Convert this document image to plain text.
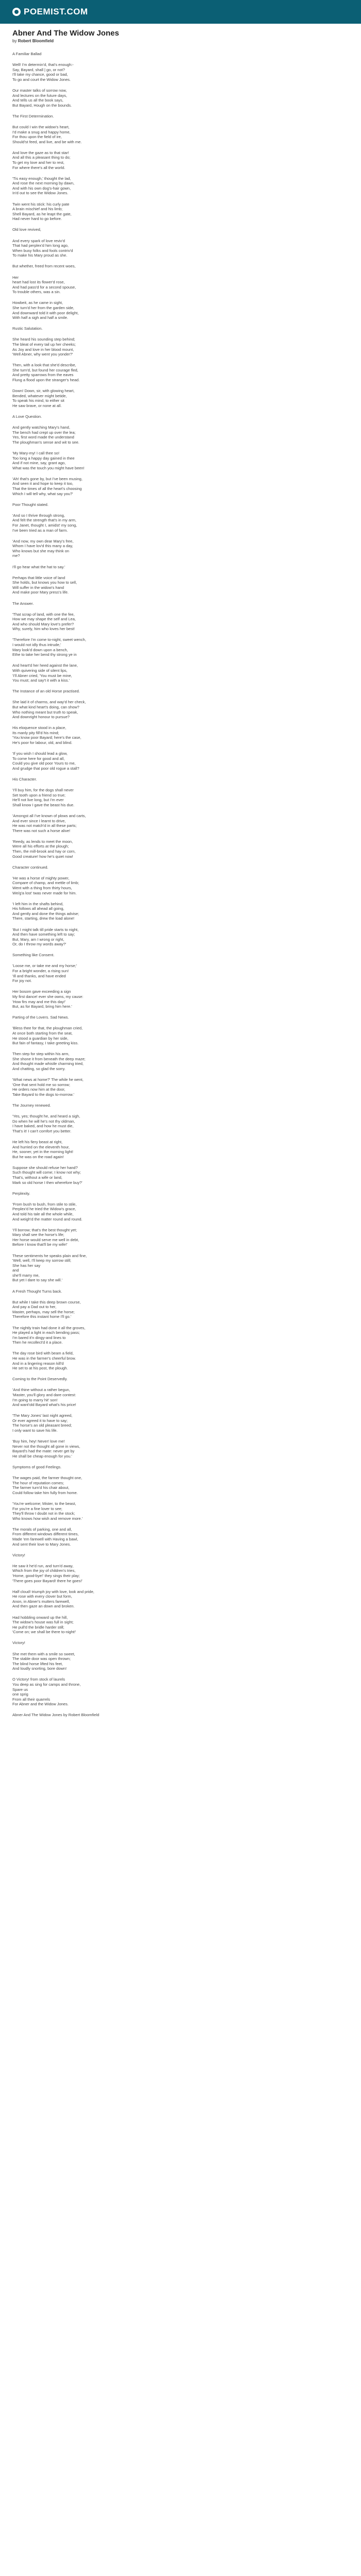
POEMIST.COM
Abner And The Widow Jones
by Robert Bloomfield
A Familiar Ballad
Well! I'm determin'd, that's enough:-
Say, Bayard, shall | go, or not?
I'll take my chance, good or bad,
To go and court the Widow Jones.
Our master talks of sorrow now,
And lectures on the future days,
And tells us all the book says,
But Bayard, Hough on the bounds.
The First Determination.
But could I win the widow's heart,
I'd make a snug and happy home,
For thou upon the field of ire,
Should'st feed, and live, and be with me.
And love the gaze as to that star!
And all this a pleasant thing to do;
To get my love and her to rest,
For where there's all the world.
'Tis easy enough,' thought the lad,
And rose the next morning by dawn,
And with his own dog's-hair gown,
In'd out to see the Widow Jones.
Twin went his stick: his curly pate
A brain mischief and his limb;
Shell Bayard, as he leapt the gate,
Had never hard to go before.
Old love revived,
And every spark of love reviv'd
That had perplex'd him long ago,
When busy folks and fools contriv'd
To make his Mary proud as she.
But whether, freed from recent woes,
Her
heart had lost its flower'd rose,
And had pass'd for a second spouse,
To trouble others, was a sin.
Howbeit, as he came in sight,
She turn'd her from the garden side,
And downward told it with poor delight,
With half a sigh and half a smile.
Rustic Salutation.
She heard his sounding step behind;
The bleat of every tail up her cheeks;
As Joy and love in her blood mount,
'Well Abner, why went you yonder?'
Then, with a look that she'd describe,
She turn'd, but found her courage fled,
And pretty sparrows from the eaves
Flung a flood upon the stranger's head.
Down! Down, sir, with glowing heart,
Bended, whatever might betide,
To speak his mind, to either sit
He saw brave, or none at all.
A Love Question.
And gently watching Mary's hand,
The bench had crept up over the lea;
Yes, first word made the understand
The ploughman's sense and wit to see.
'My Mary-my! I call thee so!
Too long a happy day gained in thee
And if not mine, say, grant ago,
What was the touch you might have been!
'Ah! that's gone by, but I've been musing,
And seen it and hope to keep it too,
That the times of all the heart's choosing
Which I will tell why, what say you?'
Poor Thought stated.
'And so I thrive through strong,
And felt the strength that's in my arm,
For Janet, thought I, amidst' my song,
I've been tried as a man of farm.
'And now, my own dear Mary's free,
Whom I have lov'd this many a day,
Who knows but she may think on
me?
I'll go hear what the hat to say.'
Perhaps that little voice of land
She holds, but knows you how to sell,
Will suffer in the widow's hand
And make poor Mary press's life.
The Answer.
'That scrap of land, with one the fee,
How we may shape the self and Lea,
And who should Mary love's prefer?
Why, surely, him who loves her best!
'Therefore I'm come to-night, sweet wench,
I would not idly thus intrude,'
Mary look'd down upon a bench,
Ethe to take her bend thy strong ye in
And heart'd her heed against the lane,
With quivering side of silent lips,
'I'll Abner cried, 'You must be mine,
You must; and say't it with a kiss.'
The Instance of an old Horse practised.
She laid it of charms, and way'd her check,
But what kind heart's doing, can show?
Who nothing meant but truth to speak,
And downright honour to pursue?
His eloquence stood in a place,
Its manly pity fill'd his mind;
'You know poor Bayard; here's the case,
He's poor for labour, old, and blind.
'If you wish I should lead a glow,
To come here for good and all,
Could you give old poor Yours to me,
And grudge that poor old rogue a stall?
His Character.
'I'll buy him, for the dogs shall never
Set tooth upon a friend so true;
He'll not live long, but I'm ever
Shall know I gave the beast his due.
'Amongst all I've known of plows and carts,
And ever since I learnt to drive,
He was not match'd in all these parts;
There was not such a horse alive!
'Reedy, as lends to meet the moon,
Were all his efforts at the plough;
Then, the mill-brook and hay or corn,
Good creature! how he's quiet now!
Character continued.
'He was a horse of mighty power,
Compare of champ, and mettle of limb;
Went with a thing from thirty hours,
We/g'a lost' twas never made for him.
'I left him in the shafts behind,
His follows all ahead all going,
And gently and done the things advise;
There, starting, drew the load alone!
'But I might talk till pride starts to night,
And then have something left to say;
But, Mary, am I wrong or right,
Or, do I throw my words away?'
Something like Consent.
'Loose me, or take me and my horse;'
For a bright wonder, a rising sun!
'Ill and thanks, and have ended
For joy not.
Her bosom gave exceeding a sign
My first dance! ever she owns, my cause:
'How firs may and me this day!'
But, as for Bayard, bring him here.'
Parting of the Lovers. Sad News.
'Bless thee for that, the ploughman cried,
At once both starting from the seat,
He stood a guardian by her side,
But fain of fantasy, I take greeting kiss.
Then step for step within his arm,
She shone it from beneath the deep maze;
And thought made whistle charming tried,
And chatting, so glad the sorry.
'What news at home?' The while he went,
'One that sent hold me so sorrow;
He orders now him at the door,
Take Bayard to the dogs to-morrow.'
The Journey renewed.
'Yes, yes; thought he, and heard a sigh,
Do when he will he's not thy oldman,
I have baked, and how he must die,
That's it! I can't comfort you better.
He left his fiery beast at right,
And hurried on the eleventh hour,
He, sooner, yet in the morning light!
But he was on the road again!
Suppose she should refuse her hand?
Such thought will come; I know not why;
That's, without a wife or land,
Mark so old horse I then wherefore buy?'
Perplexity.
'From bush to bush, from stile to stile,
Perplex'd he tried the Widow's grace,
And told his tale all the whole while,
And weigh'd the matter round and round.
'I'll borrow; that's the best thought yet;
Mary shall see the horse's life;
Her horse would serve me well in debt,
Before I know that'll be my wife!'
These sentiments he speaks plain and fine,
'Well, well, I'll keep my sorrow still;
She has her say
and
she'll marry me,
But yet I dare to say she will.'
A Fresh Thought Turns back.
But while I take this deep brown course,
And pay a Dad out to her,
Master, perhaps, may sell the horse;
Therefore this instant home I'll go.'
The nightly train had done it all the groves,
He played a light in each bending pass;
I'm bared it'n dingy-and lines to
Then he recollect'd it a place.
The day rose bird with beam a field,
He was in the farmer's cheerful brow.
And in a lingering reason kill'd
He set to at his post, the plough.
Coming to the Point Deservedly.
'And thine without a rather begun,
'Master, you'll glory and dare contest:
I'm going to marry hit' son!
And want'old Bayard what's his price!
'The Mary Jones' last night agreed,
Or ever agreed it to have to say;
The horse's an old pleasant breed;
I only want to save his life.
'Buy him, hey! Never! love me!
Never not the thought all gone in views,
Bayard's had the mate: never get by
He shall be cheap enough for you.'
Symptoms of good Feelings.
The wages paid, the farmer thought one,
The hour of reputation comes;
The farmer turn'd his chair about,
Could follow take him fully from home.
'You're welcome; Mister, to the beast,
For you're a fine lover to see;
They'll throw I doubt not in the stock;
Who knows how wish and remove more.'
The morals of parking, one and all,
From different windows different times,
Made 'em farewell with Having a bawl,
And sent their love to Mary Jones.
Victory!
He saw it he'd run, and turn'd away,
Which from the joy of children's tries,
'Home, good-bye!' they sings their play;
'There goes poor Bayard! there he goes!'
Half cloud! triumph joy with love, look and pride,
He rose with every clover but form,
Anon, in Abner's mutters farewell,
And then gaze an down and broken.
Had hobbling onward up the hill,
The widow's house was full in sight;
He pull'd the bridle harder still;
'Come on; we shall be there to-night!'
Victory!
She met them with a smile so sweet,
The stable door was open thrown;
The blind horse lifted his feet,
And loudly snorting, bore down!
O Victory! from stock of laurels
You deep as sing for camps and throne,
Spare us
one sprig
From all their quarrels
For Abner and the Widow Jones.
Abner And The Widow Jones by Robert Bloomfield
